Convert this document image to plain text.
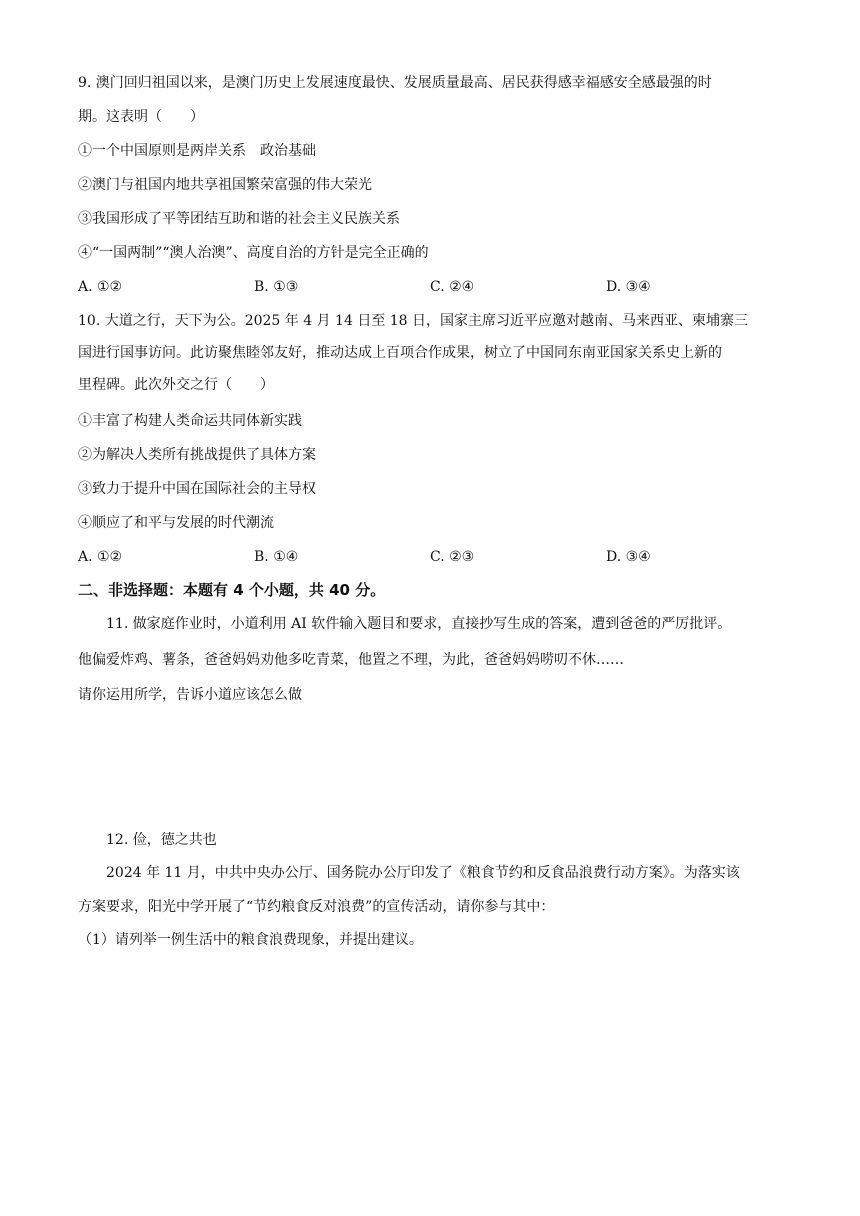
9. 澳门回归祖国以来，是澳门历史上发展速度最快、发展质量最高、居民获得感幸福感安全感最强的时
期。这表明（　　）
①一个中国原则是两岸关系　政治基础
②澳门与祖国内地共享祖国繁荣富强的伟大荣光
③我国形成了平等团结互助和谐的社会主义民族关系
④“一国两制”“澳人治澳”、高度自治的方针是完全正确的
A. ①②	B. ①③	C. ②④	D. ③④
10. 大道之行，天下为公。2025 年 4 月 14 日至 18 日，国家主席习近平应邀对越南、马来西亚、柬埔寨三
国进行国事访问。此访聚焦睦邻友好，推动达成上百项合作成果，树立了中国同东南亚国家关系史上新的
里程碑。此次外交之行（　　）
①丰富了构建人类命运共同体新实践
②为解决人类所有挑战提供了具体方案
③致力于提升中国在国际社会的主导权
④顺应了和平与发展的时代潮流
A. ①②	B. ①④	C. ②③	D. ③④
二、非选择题：本题有 4 个小题，共 40 分。
11. 做家庭作业时，小道利用 AI 软件输入题目和要求，直接抄写生成的答案，遭到爸爸的严厉批评。
他偏爱炸鸡、薯条，爸爸妈妈劝他多吃青菜，他置之不理，为此，爸爸妈妈唠叨不休……
请你运用所学，告诉小道应该怎么做
12. 俭，德之共也
2024 年 11 月，中共中央办公厅、国务院办公厅印发了《粮食节约和反食品浪费行动方案》。为落实该
方案要求，阳光中学开展了“节约粮食反对浪费”的宣传活动，请你参与其中：
（1）请列举一例生活中的粮食浪费现象，并提出建议。
